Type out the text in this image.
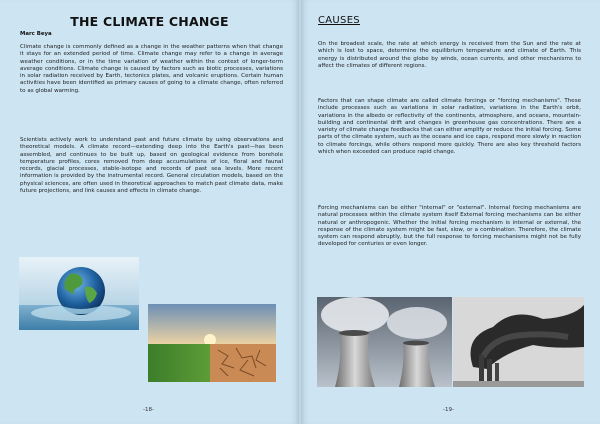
THE CLIMATE CHANGE
Marc Beya

Climate change is commonly defined as a change in the weather patterns when that change it stays for an extended period of time. Climate change may refer to a change in average weather conditions, or in the time variation of weather within the context of longer-term average conditions. Climate change is caused by factors such as biotic processes, variations in solar radiation received by Earth, tectonics plates, and volcanic eruptions. Certain human activities have been identified as primary causes of going to a climate change, often referred to as global warming.

Scientists actively work to understand past and future climate by using observations and theoretical models. A climate record—extending deep into the Earth's past—has been assembled, and continues to be built up, based on geological evidence from borehole temperature profiles, cores removed from deep accumulations of ice, floral and faunal records, glacial processes, stable-isotope and records of past sea levels. More recent information is provided by the instrumental record. General circulation models, based on the physical sciences, are often used in theoretical approaches to match past climate data, make future projections, and link causes and effects in climate change.

-18-
CAUSES

On the broadest scale, the rate at which energy is received from the Sun and the rate at which is lost to space, determine the equilibrium temperature and climate of Earth. This energy is distributed around the globe by winds, ocean currents, and other mechanisms to affect the climates of different regions.

Factors that can shape climate are called climate forcings or "forcing mechanisms". These include processes such as variations in solar radiation, variations in the Earth's orbit, variations in the albedo or reflectivity of the continents, atmosphere, and oceans, mountain-building and continental drift and changes in greenhouse gas concentrations. There are a variety of climate change feedbacks that can either amplify or reduce the initial forcing. Some parts of the climate system, such as the oceans and ice caps, respond more slowly in reaction to climate forcings, while others respond more quickly. There are also key threshold factors which when exceeded can produce rapid change.

Forcing mechanisms can be either "internal" or "external". Internal forcing mechanisms are natural processes within the climate system itself External forcing mechanisms can be either natural or anthropogenic. Whether the initial forcing mechanism is internal or external, the response of the climate system might be fast, slow, or a combination. Therefore, the climate system can respond abruptly, but the full response to forcing mechanisms might not be fully developed for centuries or even longer.

-19-
